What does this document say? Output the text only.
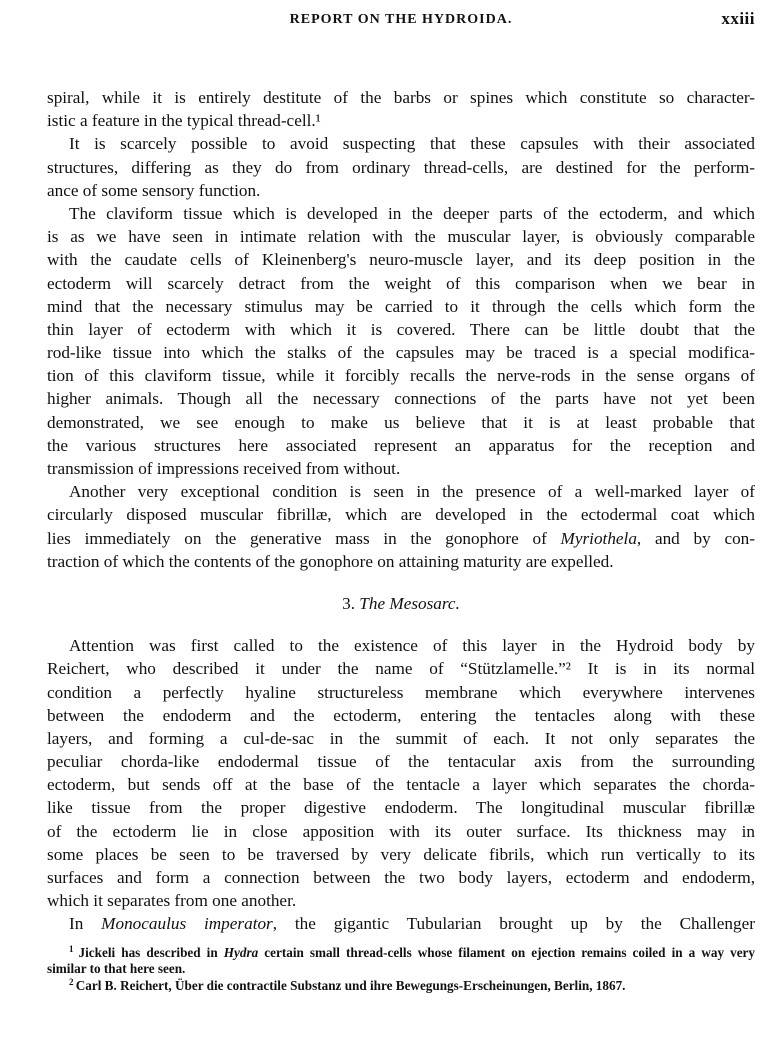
REPORT ON THE HYDROIDA.	xxiii
spiral, while it is entirely destitute of the barbs or spines which constitute so character-
istic a feature in the typical thread-cell.¹
It is scarcely possible to avoid suspecting that these capsules with their associated
structures, differing as they do from ordinary thread-cells, are destined for the perform-
ance of some sensory function.
The claviform tissue which is developed in the deeper parts of the ectoderm, and which
is as we have seen in intimate relation with the muscular layer, is obviously comparable
with the caudate cells of Kleinenberg's neuro-muscle layer, and its deep position in the
ectoderm will scarcely detract from the weight of this comparison when we bear in
mind that the necessary stimulus may be carried to it through the cells which form the
thin layer of ectoderm with which it is covered. There can be little doubt that the
rod-like tissue into which the stalks of the capsules may be traced is a special modifica-
tion of this claviform tissue, while it forcibly recalls the nerve-rods in the sense organs of
higher animals. Though all the necessary connections of the parts have not yet been
demonstrated, we see enough to make us believe that it is at least probable that
the various structures here associated represent an apparatus for the reception and
transmission of impressions received from without.
Another very exceptional condition is seen in the presence of a well-marked layer of
circularly disposed muscular fibrillæ, which are developed in the ectodermal coat which
lies immediately on the generative mass in the gonophore of Myriothela, and by con-
traction of which the contents of the gonophore on attaining maturity are expelled.
3. The Mesosarc.
Attention was first called to the existence of this layer in the Hydroid body by
Reichert, who described it under the name of “Stützlamelle.”² It is in its normal
condition a perfectly hyaline structureless membrane which everywhere intervenes
between the endoderm and the ectoderm, entering the tentacles along with these
layers, and forming a cul-de-sac in the summit of each. It not only separates the
peculiar chorda-like endodermal tissue of the tentacular axis from the surrounding
ectoderm, but sends off at the base of the tentacle a layer which separates the chorda-
like tissue from the proper digestive endoderm. The longitudinal muscular fibrillæ
of the ectoderm lie in close apposition with its outer surface. Its thickness may in
some places be seen to be traversed by very delicate fibrils, which run vertically to its
surfaces and form a connection between the two body layers, ectoderm and endoderm,
which it separates from one another.
In Monocaulus imperator, the gigantic Tubularian brought up by the Challenger
$^1$ Jickeli has described in Hydra certain small thread-cells whose filament on ejection remains coiled in a way very
similar to that here seen.
$^2$ Carl B. Reichert, Über die contractile Substanz und ihre Bewegungs-Erscheinungen, Berlin, 1867.
